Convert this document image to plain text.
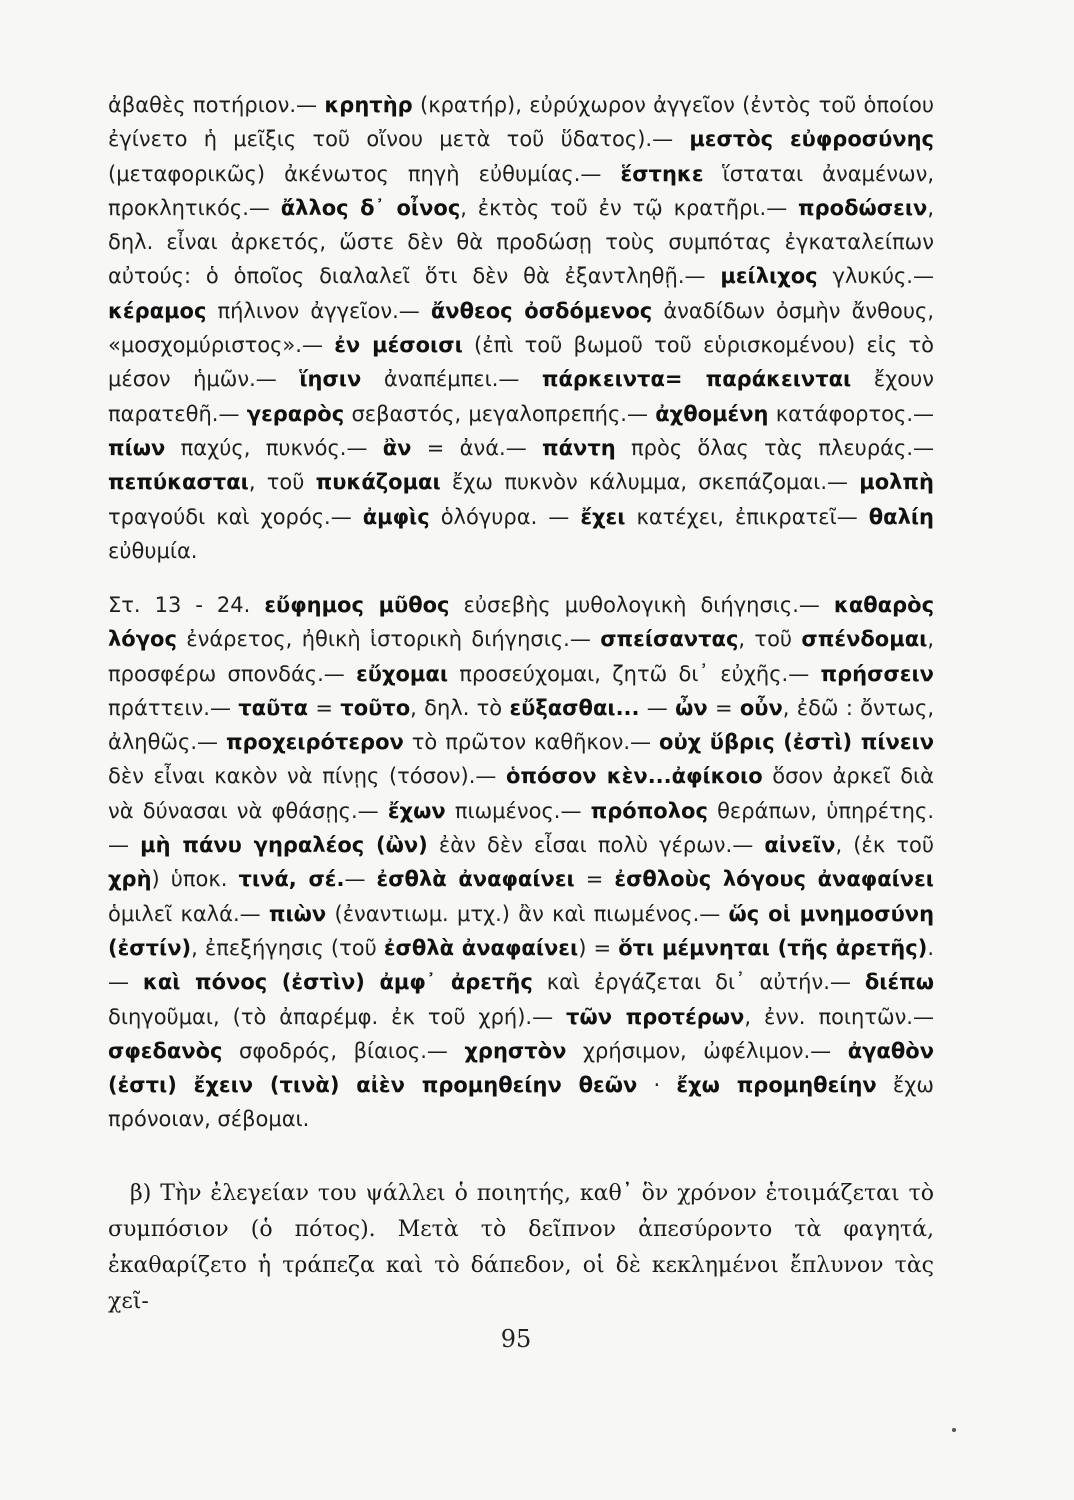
ἀβαθὲς ποτήριον.— κρητὴρ (κρατήρ), εὐρύχωρον ἀγγεῖον (ἐντὸς τοῦ ὁποίου ἐγίνετο ἡ μεῖξις τοῦ οἴνου μετὰ τοῦ ὕδατος).— μεστὸς εὐφροσύνης (μεταφορικῶς) ἀκένωτος πηγὴ εὐθυμίας.— ἕστηκε ἵσταται ἀναμένων, προκλητικός.— ἄλλος δ᾽ οἶνος, ἐκτὸς τοῦ ἐν τῷ κρατῆρι.— προδώσειν, δηλ. εἶναι ἀρκετός, ὥστε δὲν θὰ προδώσῃ τοὺς συμπότας ἐγκαταλείπων αὐτούς: ὁ ὁποῖος διαλαλεῖ ὅτι δὲν θὰ ἐξαντληθῇ.— μείλιχος γλυκύς.— κέραμος πήλινον ἀγγεῖον.— ἄνθεος ὀσδόμενος ἀναδίδων ὀσμὴν ἄνθους, «μοσχομύριστος».— ἐν μέσοισι (ἐπὶ τοῦ βωμοῦ τοῦ εὑρισκομένου) εἰς τὸ μέσον ἡμῶν.— ἵησιν ἀναπέμπει.— πάρκειντα= παράκεινται ἔχουν παρατεθῆ.— γεραρὸς σεβαστός, μεγαλοπρεπής.— ἀχθομένη κατάφορτος.— πίων παχύς, πυκνός.— ἂν = ἀνά.— πάντη πρὸς ὅλας τὰς πλευράς.— πεπύκασται, τοῦ πυκάζομαι ἔχω πυκνὸν κάλυμμα, σκεπάζομαι.— μολπὴ τραγούδι καὶ χορός.— ἀμφὶς ὁλόγυρα. — ἔχει κατέχει, ἐπικρατεῖ— θαλίη εὐθυμία.

Στ. 13 - 24. εὔφημος μῦθος εὐσεβὴς μυθολογικὴ διήγησις.— καθαρὸς λόγος ἐνάρετος, ἠθικὴ ἱστορικὴ διήγησις.— σπείσαντας, τοῦ σπένδομαι, προσφέρω σπονδάς.— εὔχομαι προσεύχομαι, ζητῶ δι᾽ εὐχῆς.— πρήσσειν πράττειν.— ταῦτα = τοῦτο, δηλ. τὸ εὔξασθαι... — ὦν = οὖν, ἐδῶ : ὄντως, ἀληθῶς.— προχειρότερον τὸ πρῶτον καθῆκον.— οὐχ ὕβρις (ἐστὶ) πίνειν δὲν εἶναι κακὸν νὰ πίνῃς (τόσον).— ὁπόσον κὲν...ἀφίκοιο ὅσον ἀρκεῖ διὰ νὰ δύνασαι νὰ φθάσῃς.— ἔχων πιωμένος.— πρόπολος θεράπων, ὑπηρέτης.— μὴ πάνυ γηραλέος (ὢν) ἐὰν δὲν εἶσαι πολὺ γέρων.— αἰνεῖν, (ἐκ τοῦ χρὴ) ὑποκ. τινά, σέ.— ἐσθλὰ ἀναφαίνει = ἐσθλοὺς λόγους ἀναφαίνει ὁμιλεῖ καλά.— πιὼν (ἐναντιωμ. μτχ.) ἂν καὶ πιωμένος.— ὥς οἱ μνημοσύνη (ἐστίν), ἐπεξήγησις (τοῦ ἐσθλὰ ἀναφαίνει) = ὅτι μέμνηται (τῆς ἀρετῆς).— καὶ πόνος (ἐστὶν) ἀμφ᾽ ἀρετῆς καὶ ἐργάζεται δι᾽ αὐτήν.— διέπω διηγοῦμαι, (τὸ ἀπαρέμφ. ἐκ τοῦ χρή).— τῶν προτέρων, ἐνν. ποιητῶν.— σφεδανὸς σφοδρός, βίαιος.— χρηστὸν χρήσιμον, ὠφέλιμον.— ἀγαθὸν (ἐστι) ἔχειν (τινὰ) αἰὲν προμηθείην θεῶν · ἔχω προμηθείην ἔχω πρόνοιαν, σέβομαι.

β) Τὴν ἐλεγείαν του ψάλλει ὁ ποιητής, καθ᾽ ὃν χρόνον ἑτοιμάζεται τὸ συμπόσιον (ὁ πότος). Μετὰ τὸ δεῖπνον ἀπεσύροντο τὰ φαγητά, ἐκαθαρίζετο ἡ τράπεζα καὶ τὸ δάπεδον, οἱ δὲ κεκλημένοι ἔπλυνον τὰς χεῖ-

95
